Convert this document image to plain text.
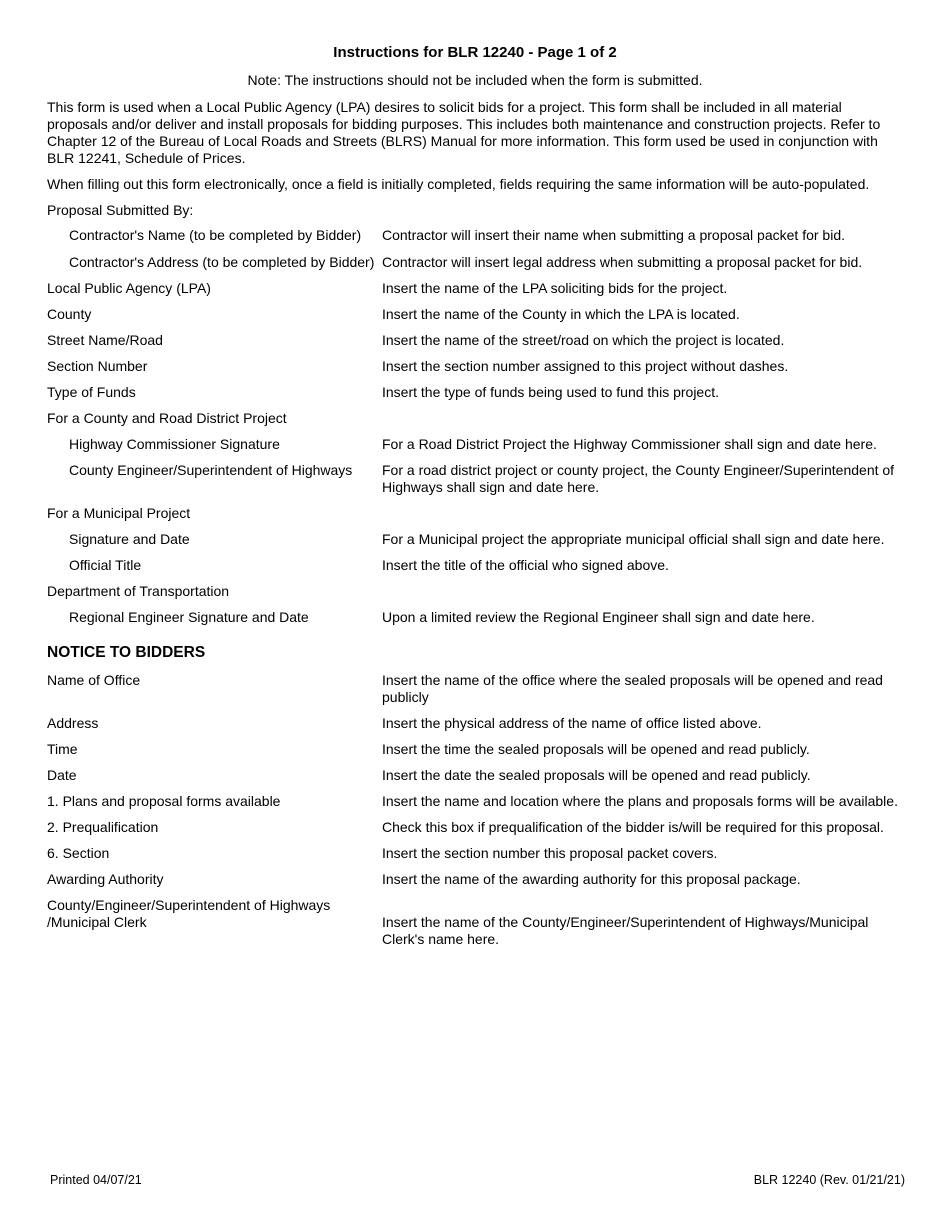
Instructions for BLR 12240 - Page 1 of 2
Note: The instructions should not be included when the form is submitted.
This form is used when a Local Public Agency (LPA) desires to solicit bids for a project. This form shall be included in all material proposals and/or deliver and install proposals for bidding purposes. This includes both maintenance and construction projects. Refer to Chapter 12 of the Bureau of Local Roads and Streets (BLRS) Manual for more information. This form used be used in conjunction with BLR 12241, Schedule of Prices.
When filling out this form electronically, once a field is initially completed, fields requiring the same information will be auto-populated.
Proposal Submitted By:
Contractor's Name (to be completed by Bidder)	Contractor will insert their name when submitting a proposal packet for bid.
Contractor's Address (to be completed by Bidder) Contractor will insert legal address when submitting a proposal packet for bid.
Local Public Agency (LPA)	Insert the name of the LPA soliciting bids for the project.
County	Insert the name of the County in which the LPA is located.
Street Name/Road	Insert the name of the street/road on which the project is located.
Section Number	Insert the section number assigned to this project without dashes.
Type of Funds	Insert the type of funds being used to fund this project.
For a County and Road District Project
Highway Commissioner Signature	For a Road District Project the Highway Commissioner shall sign and date here.
County Engineer/Superintendent of Highways	For a road district project or county project, the County Engineer/Superintendent of Highways shall sign and date here.
For a Municipal Project
Signature and Date	For a Municipal project the appropriate municipal official shall sign and date here.
Official Title	Insert the title of the official who signed above.
Department of Transportation
Regional Engineer Signature and Date	Upon a limited review the Regional Engineer shall sign and date here.
NOTICE TO BIDDERS
Name of Office	Insert the name of the office where the sealed proposals will be opened and read publicly
Address	Insert the physical address of the name of office listed above.
Time	Insert the time the sealed proposals will be opened and read publicly.
Date	Insert the date the sealed proposals will be opened and read publicly.
1. Plans and proposal forms available	Insert the name and location where the plans and proposals forms will be available.
2. Prequalification	Check this box if prequalification of the bidder is/will be required for this proposal.
6. Section	Insert the section number this proposal packet covers.
Awarding Authority	Insert the name of the awarding authority for this proposal package.
County/Engineer/Superintendent of Highways /Municipal Clerk	Insert the name of the County/Engineer/Superintendent of Highways/Municipal Clerk's name here.
Printed 04/07/21	BLR 12240 (Rev. 01/21/21)
